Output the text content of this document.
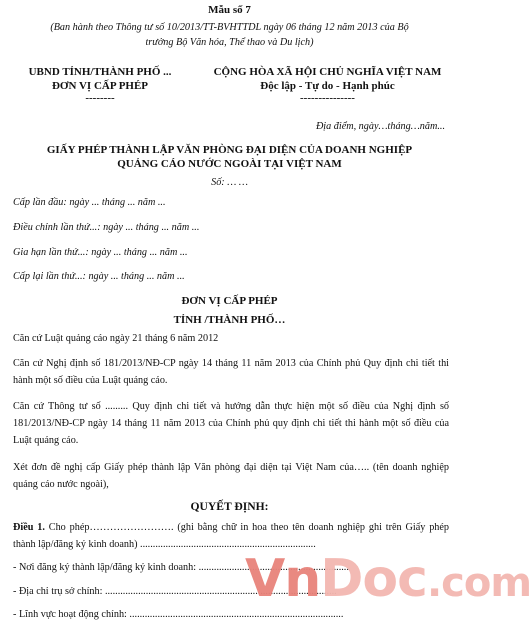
Mẫu số 7
(Ban hành theo Thông tư số 10/2013/TT-BVHTTDL ngày 06 tháng 12 năm 2013 của Bộ
trưởng Bộ Văn hóa, Thể thao và Du lịch)
UBND TỈNH/THÀNH PHỐ ...
ĐƠN VỊ CẤP PHÉP
--------
CỘNG HÒA XÃ HỘI CHỦ NGHĨA VIỆT NAM
Độc lập - Tự do - Hạnh phúc
---------------
Địa điểm, ngày…tháng…năm...
GIẤY PHÉP THÀNH LẬP VĂN PHÒNG ĐẠI DIỆN CỦA DOANH NGHIỆP
QUẢNG CÁO NƯỚC NGOÀI TẠI VIỆT NAM
Số: … …
Cấp lần đầu: ngày ... tháng ... năm ...
Điều chỉnh lần thứ...: ngày ... tháng ... năm ...
Gia hạn lần thứ...: ngày ... tháng ... năm ...
Cấp lại lần thứ...: ngày ... tháng ... năm ...
ĐƠN VỊ CẤP PHÉP
TỈNH /THÀNH PHỐ…
Căn cứ Luật quảng cáo ngày 21 tháng 6 năm 2012
Căn cứ Nghị định số 181/2013/NĐ-CP ngày 14 tháng 11 năm 2013 của Chính phủ Quy định chi tiết thi hành một số điều của Luật quảng cáo.
Căn cứ Thông tư số ......... Quy định chi tiết và hướng dẫn thực hiện một số điều của Nghị định số 181/2013/NĐ-CP ngày 14 tháng 11 năm 2013 của Chính phủ quy định chi tiết thi hành một số điều của Luật quảng cáo.
Xét đơn đề nghị cấp Giấy phép thành lập Văn phòng đại diện tại Việt Nam của….. (tên doanh nghiệp quảng cáo nước ngoài),
QUYẾT ĐỊNH:
Điều 1. Cho phép……………………. (ghi bằng chữ in hoa theo tên doanh nghiệp ghi trên Giấy phép thành lập/đăng ký kinh doanh) .....................................................................
- Nơi đăng ký thành lập/đăng ký kinh doanh: ...........................................................
- Địa chỉ trụ sở chính: ...........................................................................................
- Lĩnh vực hoạt động chính: ....................................................................................
VnDoc.com
